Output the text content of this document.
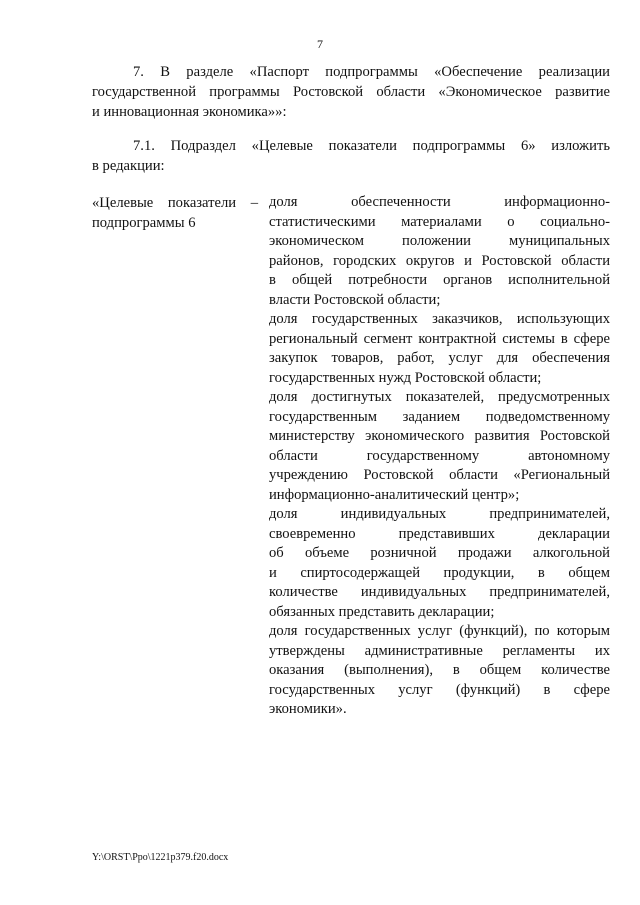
7
7. В разделе «Паспорт подпрограммы «Обеспечение реализации
государственной программы Ростовской области «Экономическое развитие
и инновационная экономика»»:
7.1. Подраздел «Целевые показатели подпрограммы 6» изложить
в редакции:
«Целевые показатели –
подпрограммы 6
доля обеспеченности информационно-
статистическими материалами о социально-
экономическом положении муниципальных
районов, городских округов и Ростовской области
в общей потребности органов исполнительной
власти Ростовской области;
доля государственных заказчиков, использующих
региональный сегмент контрактной системы в сфере
закупок товаров, работ, услуг для обеспечения
государственных нужд Ростовской области;
доля достигнутых показателей, предусмотренных
государственным заданием подведомственному
министерству экономического развития Ростовской
области государственному автономному
учреждению Ростовской области «Региональный
информационно-аналитический центр»;
доля индивидуальных предпринимателей,
своевременно представивших декларации
об объеме розничной продажи алкогольной
и спиртосодержащей продукции, в общем
количестве индивидуальных предпринимателей,
обязанных представить декларации;
доля государственных услуг (функций), по которым
утверждены административные регламенты их
оказания (выполнения), в общем количестве
государственных услуг (функций) в сфере
экономики».
Y:\ORST\Ppo\1221p379.f20.docx
